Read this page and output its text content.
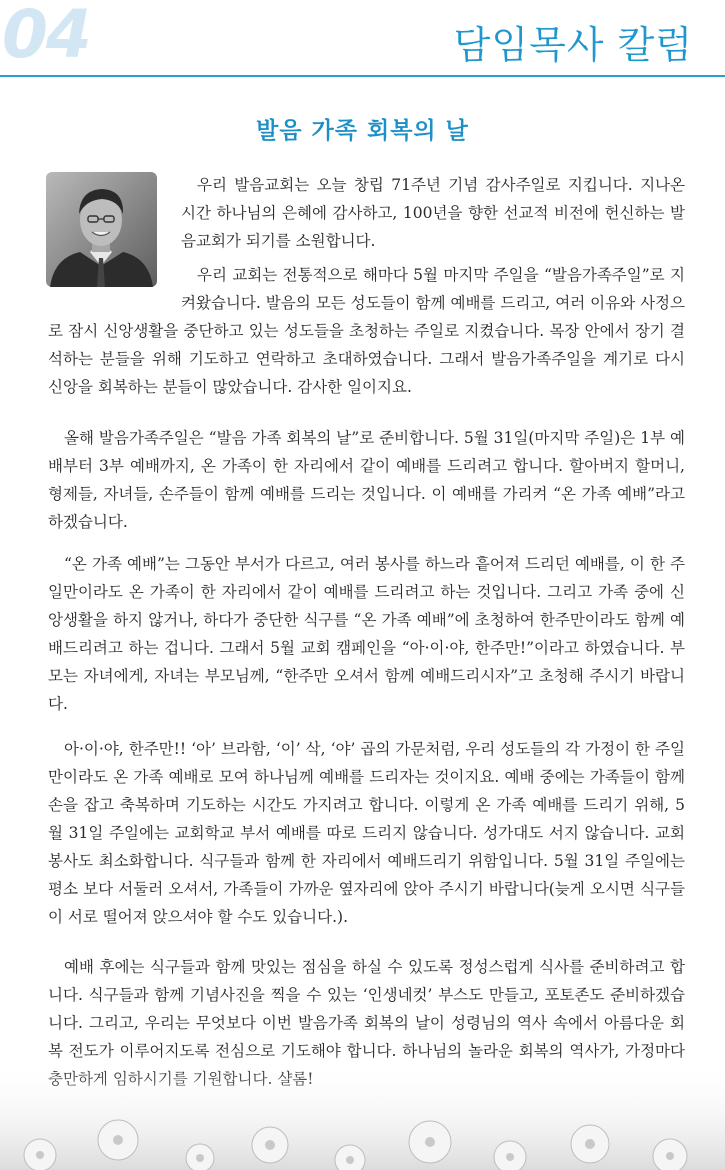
04	담임목사 칼럼
발음 가족 회복의 날

우리 발음교회는 오늘 창립 71주년 기념 감사주일로 지킵니다. 지나온 시간 하나님의 은혜에 감사하고, 100년을 향한 선교적 비전에 헌신하는 발음교회가 되기를 소원합니다.

우리 교회는 전통적으로 해마다 5월 마지막 주일을 “발음가족주일”로 지켜왔습니다. 발음의 모든 성도들이 함께 예배를 드리고, 여러 이유와 사정으로 잠시 신앙생활을 중단하고 있는 성도들을 초청하는 주일로 지켰습니다. 목장 안에서 장기 결석하는 분들을 위해 기도하고 연락하고 초대하였습니다. 그래서 발음가족주일을 계기로 다시 신앙을 회복하는 분들이 많았습니다. 감사한 일이지요.

올해 발음가족주일은 “발음 가족 회복의 날”로 준비합니다. 5월 31일(마지막 주일)은 1부 예배부터 3부 예배까지, 온 가족이 한 자리에서 같이 예배를 드리려고 합니다. 할아버지 할머니, 형제들, 자녀들, 손주들이 함께 예배를 드리는 것입니다. 이 예배를 가리켜 “온 가족 예배”라고 하겠습니다.

“온 가족 예배”는 그동안 부서가 다르고, 여러 봉사를 하느라 흩어져 드리던 예배를, 이 한 주일만이라도 온 가족이 한 자리에서 같이 예배를 드리려고 하는 것입니다. 그리고 가족 중에 신앙생활을 하지 않거나, 하다가 중단한 식구를 “온 가족 예배”에 초청하여 한주만이라도 함께 예배드리려고 하는 겁니다. 그래서 5월 교회 캠페인을 “아·이·야, 한주만!”이라고 하였습니다. 부모는 자녀에게, 자녀는 부모님께, “한주만 오셔서 함께 예배드리시자”고 초청해 주시기 바랍니다.

아·이·야, 한주만!! ‘아’ 브라함, ‘이’ 삭, ‘야’ 곱의 가문처럼, 우리 성도들의 각 가정이 한 주일만이라도 온 가족 예배로 모여 하나님께 예배를 드리자는 것이지요. 예배 중에는 가족들이 함께 손을 잡고 축복하며 기도하는 시간도 가지려고 합니다. 이렇게 온 가족 예배를 드리기 위해, 5월 31일 주일에는 교회학교 부서 예배를 따로 드리지 않습니다. 성가대도 서지 않습니다. 교회 봉사도 최소화합니다. 식구들과 함께 한 자리에서 예배드리기 위함입니다. 5월 31일 주일에는 평소 보다 서둘러 오셔서, 가족들이 가까운 옆자리에 앉아 주시기 바랍니다(늦게 오시면 식구들이 서로 떨어져 앉으셔야 할 수도 있습니다.).

예배 후에는 식구들과 함께 맛있는 점심을 하실 수 있도록 정성스럽게 식사를 준비하려고 합니다. 식구들과 함께 기념사진을 찍을 수 있는 ‘인생네컷’ 부스도 만들고, 포토존도 준비하겠습니다. 그리고, 우리는 무엇보다 이번 발음가족 회복의 날이 성령님의 역사 속에서 아름다운 회복 전도가 이루어지도록 전심으로 기도해야 합니다. 하나님의 놀라운 회복의 역사가, 가정마다
